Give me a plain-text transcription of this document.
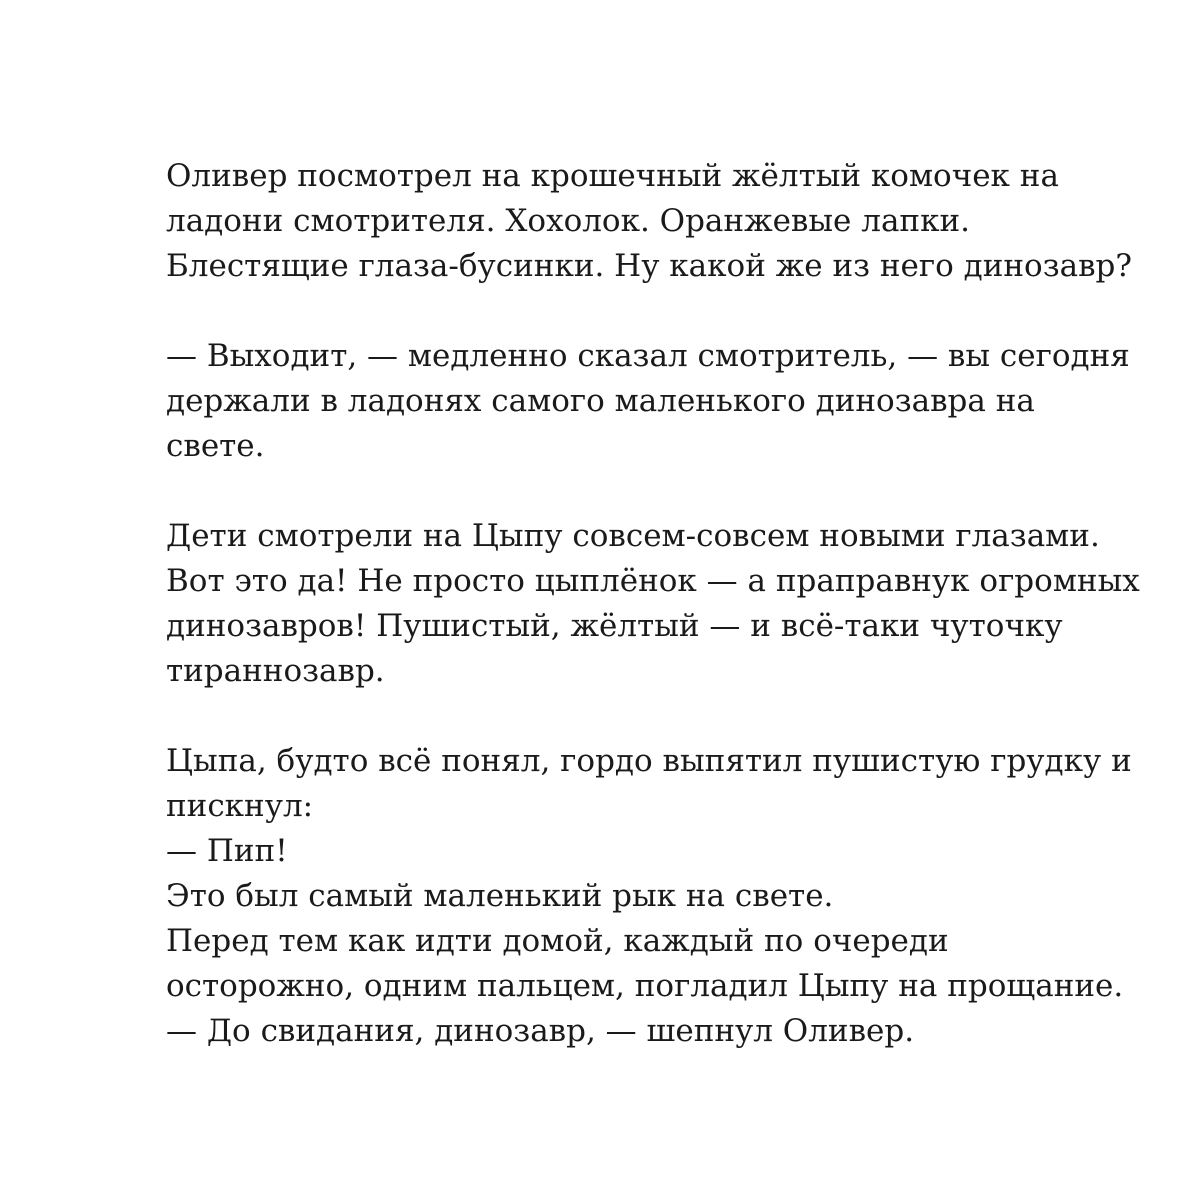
Оливер посмотрел на крошечный жёлтый комочек на
ладони смотрителя. Хохолок. Оранжевые лапки.
Блестящие глаза-бусинки. Ну какой же из него динозавр?

— Выходит, — медленно сказал смотритель, — вы сегодня
держали в ладонях самого маленького динозавра на
свете.

Дети смотрели на Цыпу совсем-совсем новыми глазами.
Вот это да! Не просто цыплёнок — а праправнук огромных
динозавров! Пушистый, жёлтый — и всё-таки чуточку
тираннозавр.

Цыпа, будто всё понял, гордо выпятил пушистую грудку и
пискнул:
— Пип!
Это был самый маленький рык на свете.
Перед тем как идти домой, каждый по очереди
осторожно, одним пальцем, погладил Цыпу на прощание.
— До свидания, динозавр, — шепнул Оливер.
